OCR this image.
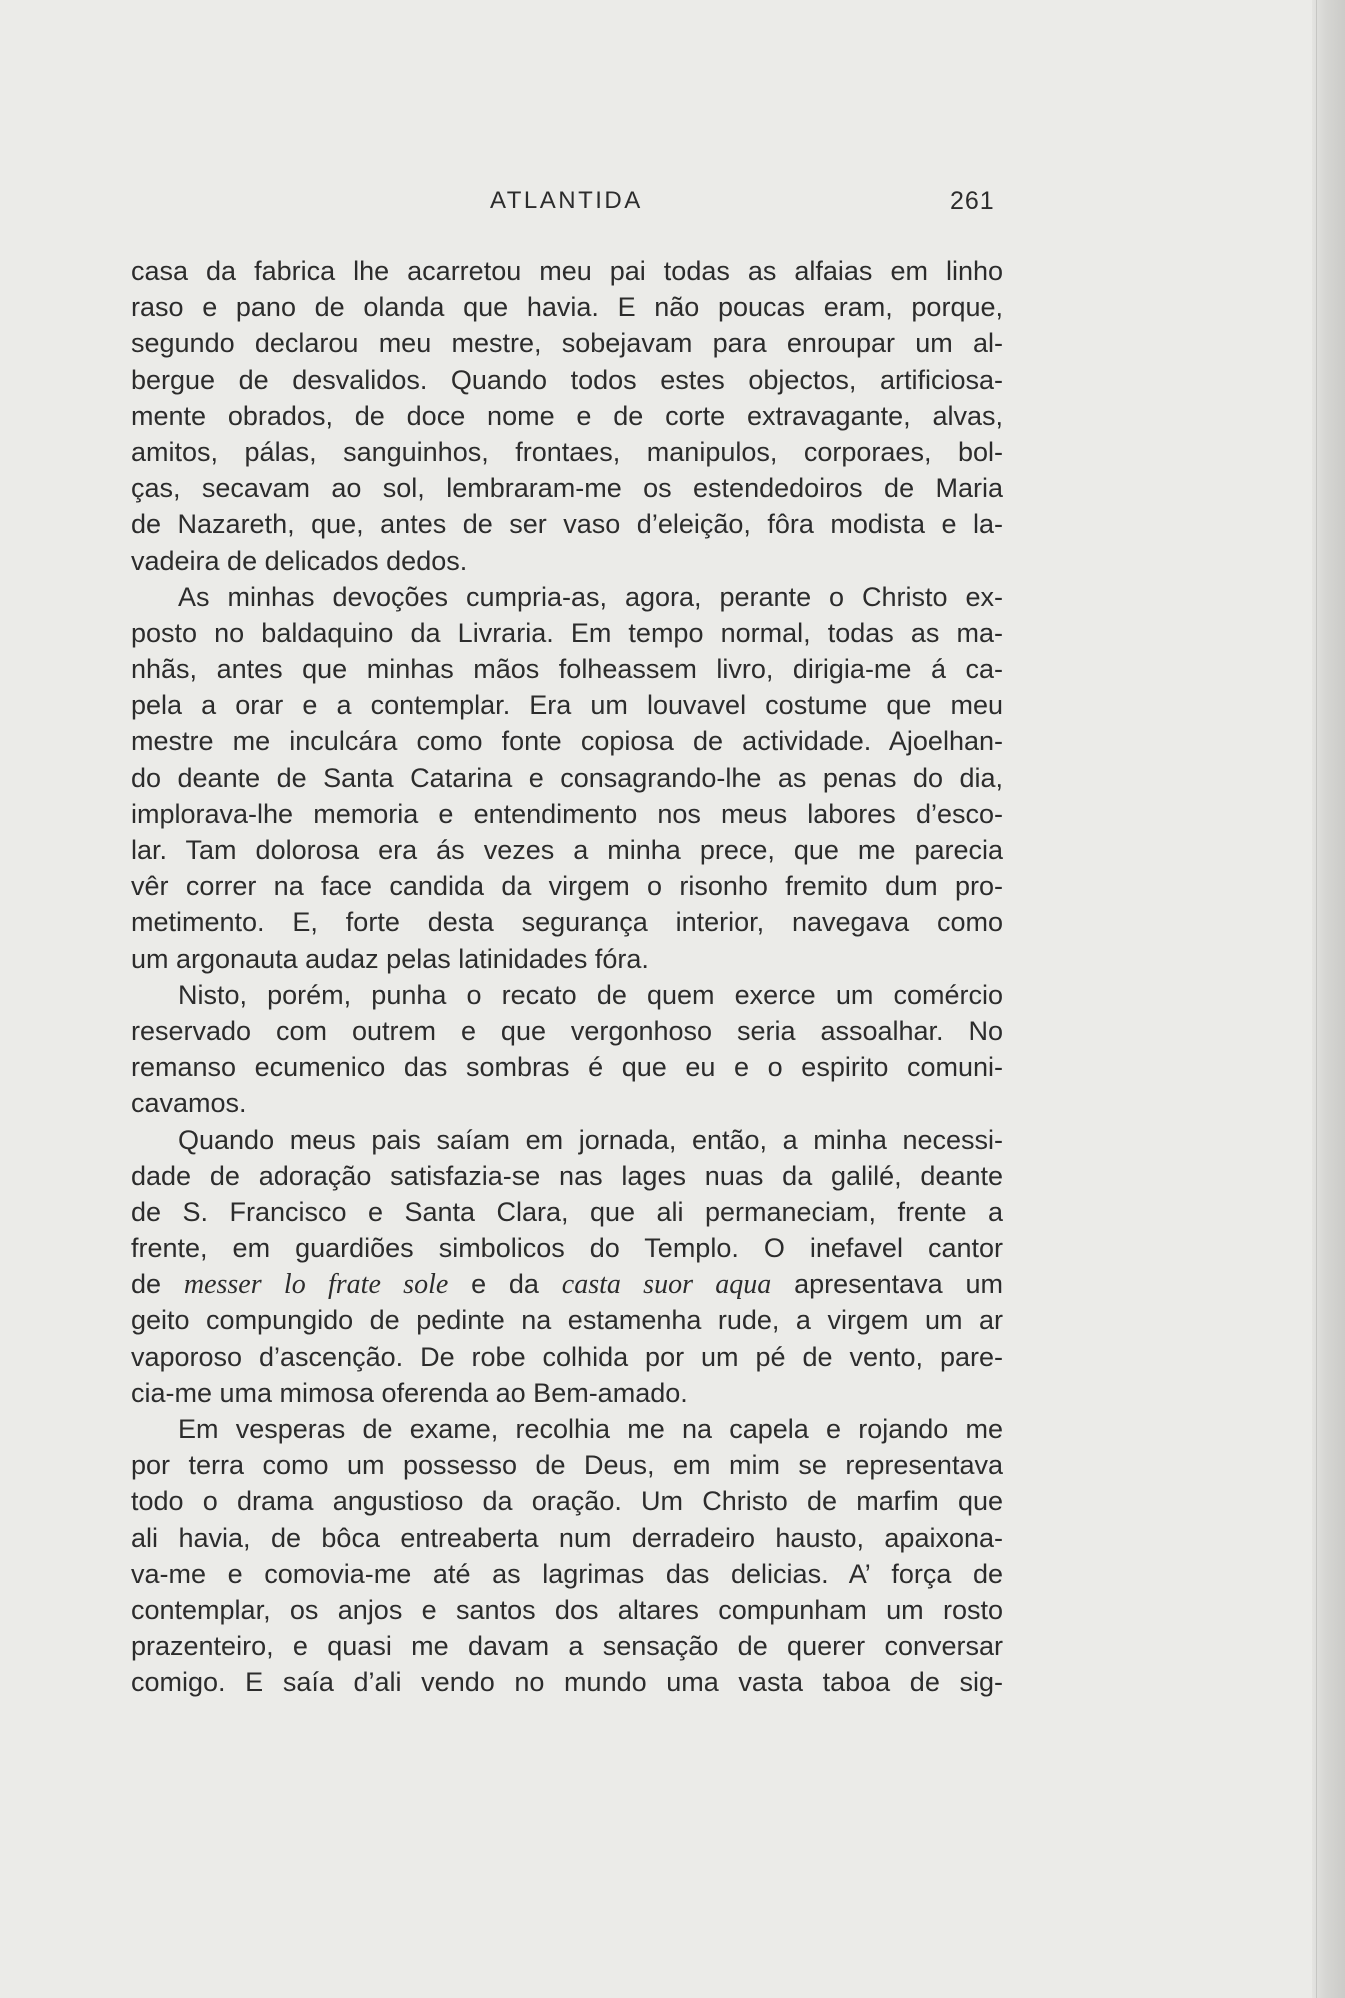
ATLANTIDA	261
casa da fabrica lhe acarretou meu pai todas as alfaias em linho
raso e pano de olanda que havia. E não poucas eram, porque,
segundo declarou meu mestre, sobejavam para enroupar um al-
bergue de desvalidos. Quando todos estes objectos, artificiosa-
mente obrados, de doce nome e de corte extravagante, alvas,
amitos, pálas, sanguinhos, frontaes, manipulos, corporaes, bol-
ças, secavam ao sol, lembraram-me os estendedoiros de Maria
de Nazareth, que, antes de ser vaso d’eleição, fôra modista e la-
vadeira de delicados dedos.
As minhas devoções cumpria-as, agora, perante o Christo ex-
posto no baldaquino da Livraria. Em tempo normal, todas as ma-
nhãs, antes que minhas mãos folheassem livro, dirigia-me á ca-
pela a orar e a contemplar. Era um louvavel costume que meu
mestre me inculcára como fonte copiosa de actividade. Ajoelhan-
do deante de Santa Catarina e consagrando-lhe as penas do dia,
implorava-lhe memoria e entendimento nos meus labores d’esco-
lar. Tam dolorosa era ás vezes a minha prece, que me parecia
vêr correr na face candida da virgem o risonho fremito dum pro-
metimento. E, forte desta segurança interior, navegava como
um argonauta audaz pelas latinidades fóra.
Nisto, porém, punha o recato de quem exerce um comércio
reservado com outrem e que vergonhoso seria assoalhar. No
remanso ecumenico das sombras é que eu e o espirito comuni-
cavamos.
Quando meus pais saíam em jornada, então, a minha necessi-
dade de adoração satisfazia-se nas lages nuas da galilé, deante
de S. Francisco e Santa Clara, que ali permaneciam, frente a
frente, em guardiões simbolicos do Templo. O inefavel cantor
de messer lo frate sole e da casta suor aqua apresentava um
geito compungido de pedinte na estamenha rude, a virgem um ar
vaporoso d’ascenção. De robe colhida por um pé de vento, pare-
cia-me uma mimosa oferenda ao Bem-amado.
Em vesperas de exame, recolhia me na capela e rojando me
por terra como um possesso de Deus, em mim se representava
todo o drama angustioso da oração. Um Christo de marfim que
ali havia, de bôca entreaberta num derradeiro hausto, apaixona-
va-me e comovia-me até as lagrimas das delicias. A’ força de
contemplar, os anjos e santos dos altares compunham um rosto
prazenteiro, e quasi me davam a sensação de querer conversar
comigo. E saía d’ali vendo no mundo uma vasta taboa de sig-
